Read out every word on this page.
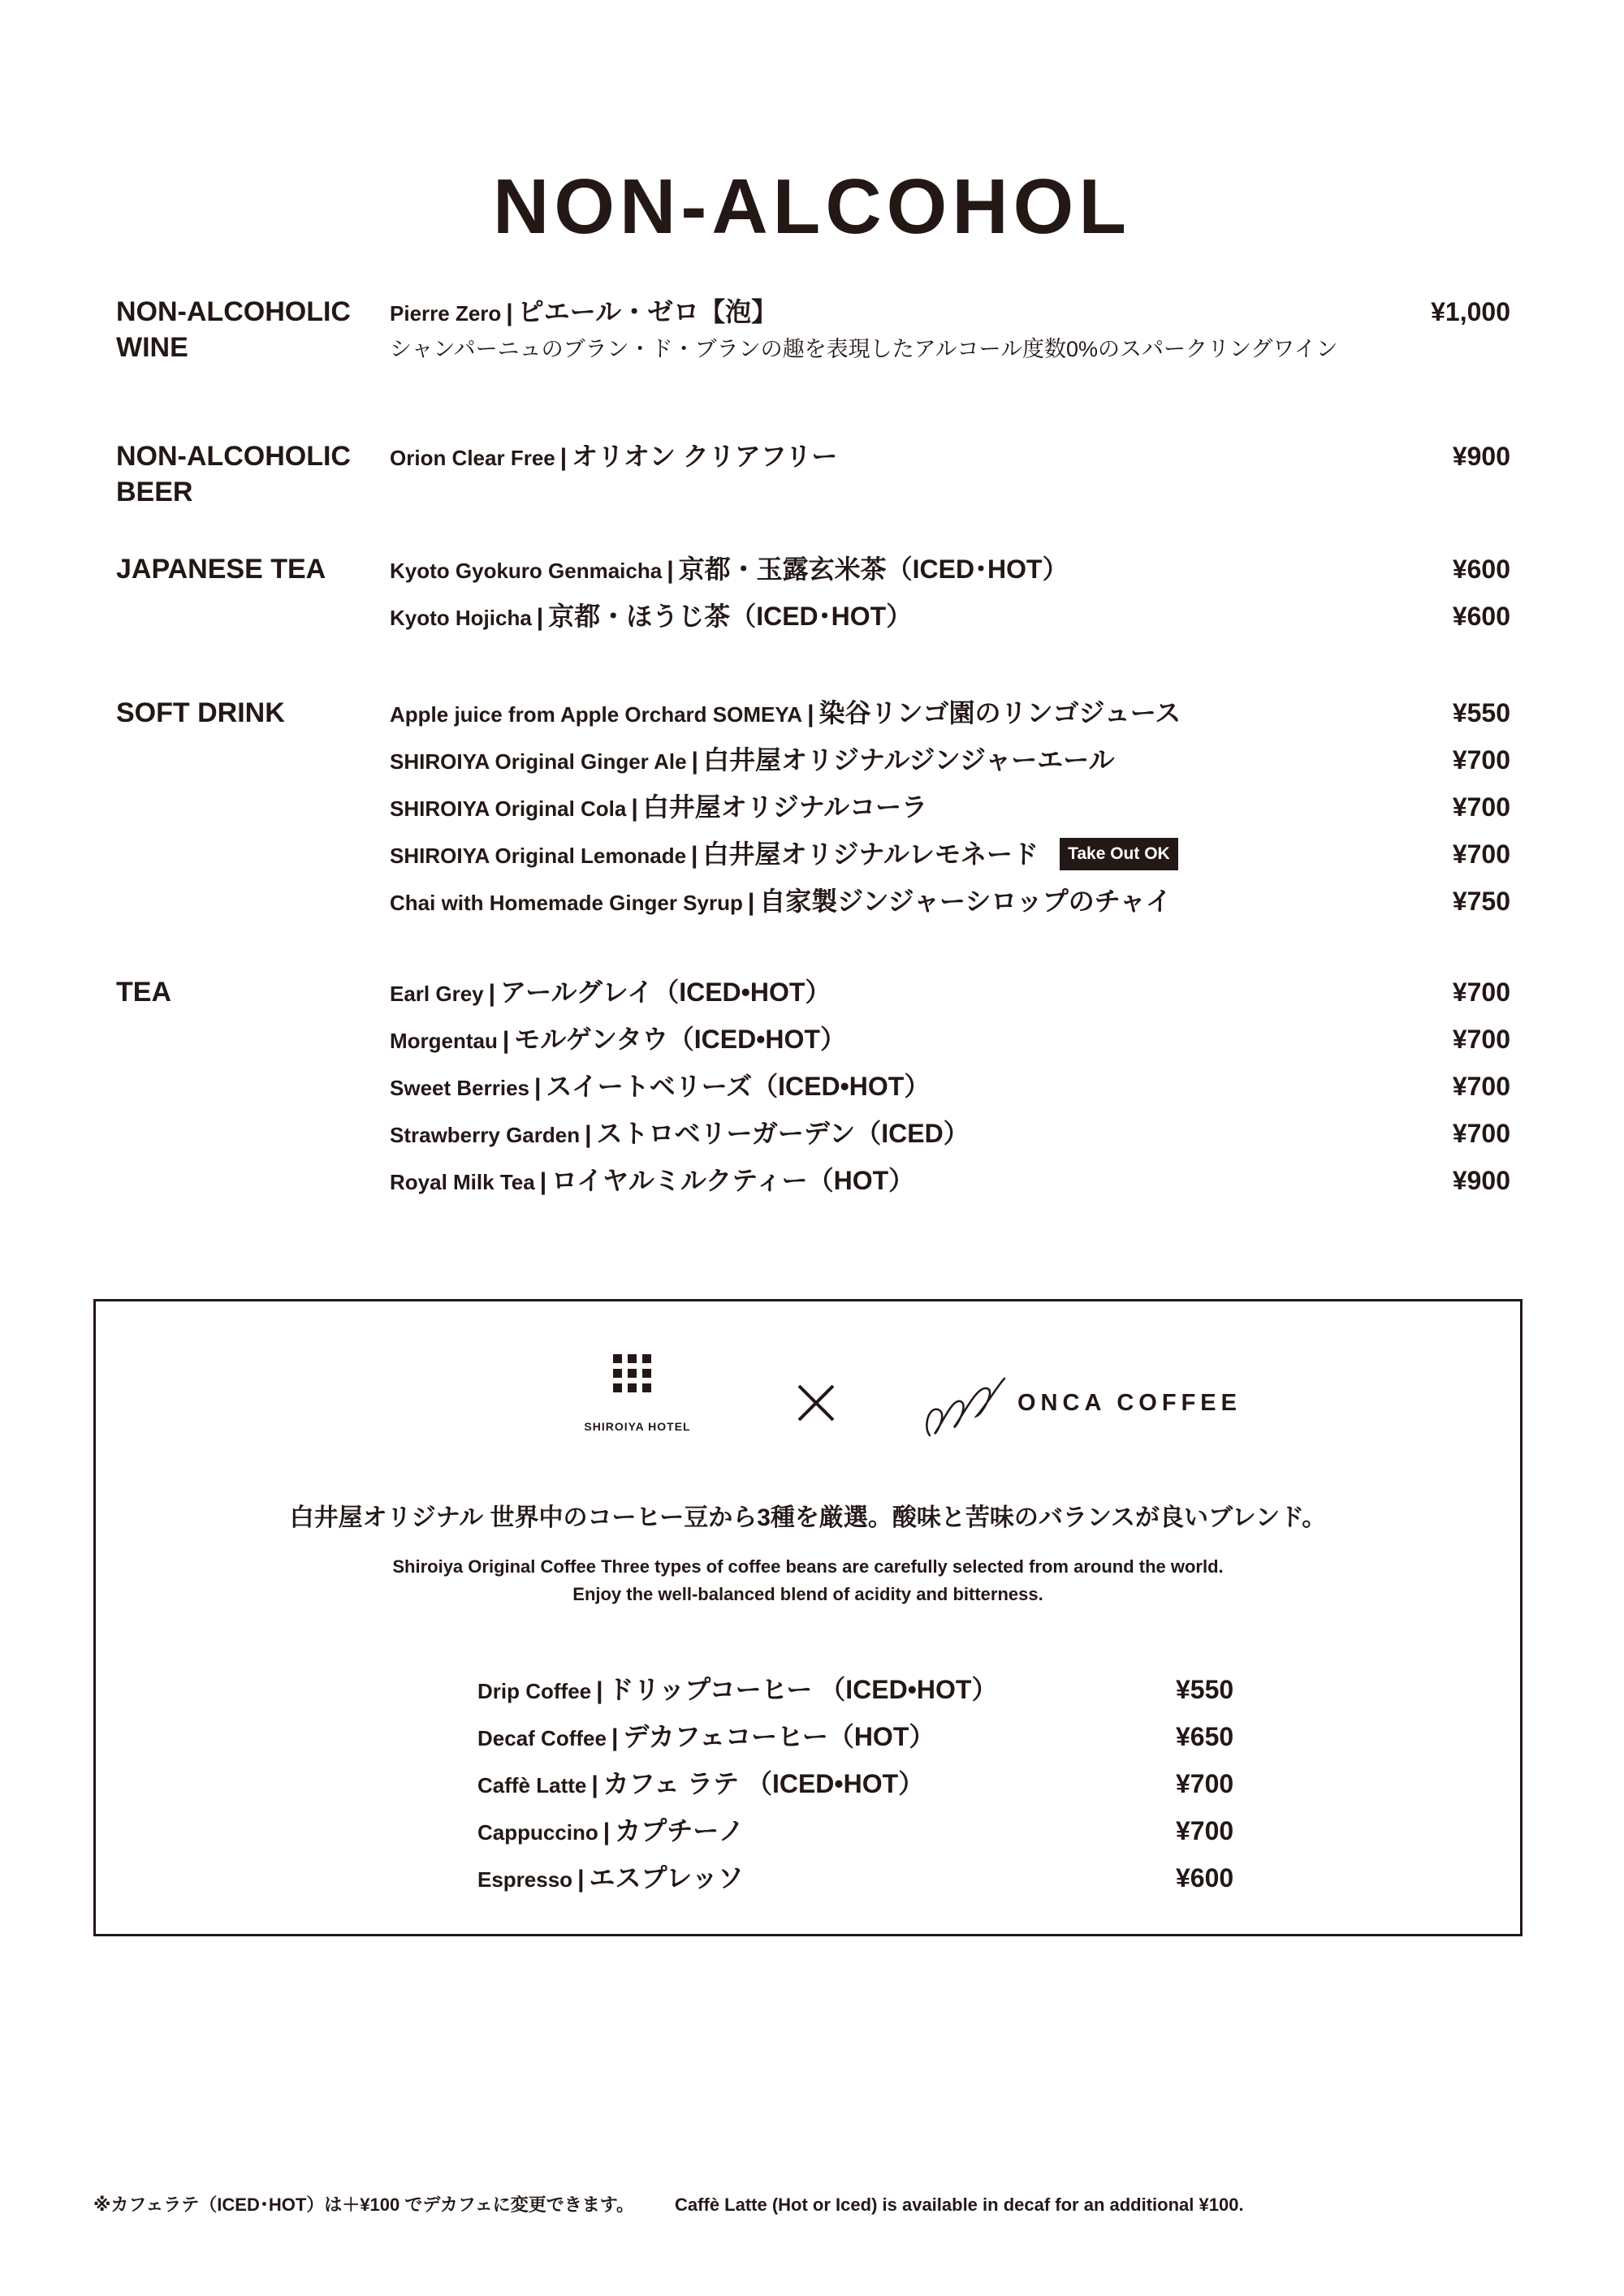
NON-ALCOHOL
NON-ALCOHOLIC WINE
Pierre Zero | ピエール・ゼロ【泡】	¥1,000
シャンパーニュのブラン・ド・ブランの趣を表現したアルコール度数0%のスパークリングワイン
NON-ALCOHOLIC BEER
Orion Clear Free | オリオン クリアフリー	¥900
JAPANESE TEA	Kyoto Gyokuro Genmaicha | 京都・玉露玄米茶（ICED･HOT）	¥600
Kyoto Hojicha | 京都・ほうじ茶（ICED･HOT）	¥600
SOFT DRINK	Apple juice from Apple Orchard SOMEYA | 染谷リンゴ園のリンゴジュース	¥550
SHIROIYA Original Ginger Ale | 白井屋オリジナルジンジャーエール	¥700
SHIROIYA Original Cola | 白井屋オリジナルコーラ	¥700
SHIROIYA Original Lemonade | 白井屋オリジナルレモネード Take Out OK	¥700
Chai with Homemade Ginger Syrup | 自家製ジンジャーシロップのチャイ	¥750
TEA	Earl Grey | アールグレイ（ICED•HOT）	¥700
Morgentau | モルゲンタウ（ICED•HOT）	¥700
Sweet Berries | スイートベリーズ（ICED•HOT）	¥700
Strawberry Garden | ストロベリーガーデン（ICED）	¥700
Royal Milk Tea | ロイヤルミルクティー（HOT）	¥900
SHIROIYA HOTEL
ONCA COFFEE
白井屋オリジナル 世界中のコーヒー豆から3種を厳選。酸味と苦味のバランスが良いブレンド。
Shiroiya Original Coffee Three types of coffee beans are carefully selected from around the world.
Enjoy the well-balanced blend of acidity and bitterness.
Drip Coffee | ドリップコーヒー （ICED•HOT）	¥550
Decaf Coffee | デカフェコーヒー（HOT）	¥650
Caffè Latte | カフェ ラテ （ICED•HOT）	¥700
Cappuccino | カプチーノ	¥700
Espresso | エスプレッソ	¥600
※カフェラテ（ICED･HOT）は＋¥100 でデカフェに変更できます。 Caffè Latte (Hot or Iced) is available in decaf for an additional ¥100.
